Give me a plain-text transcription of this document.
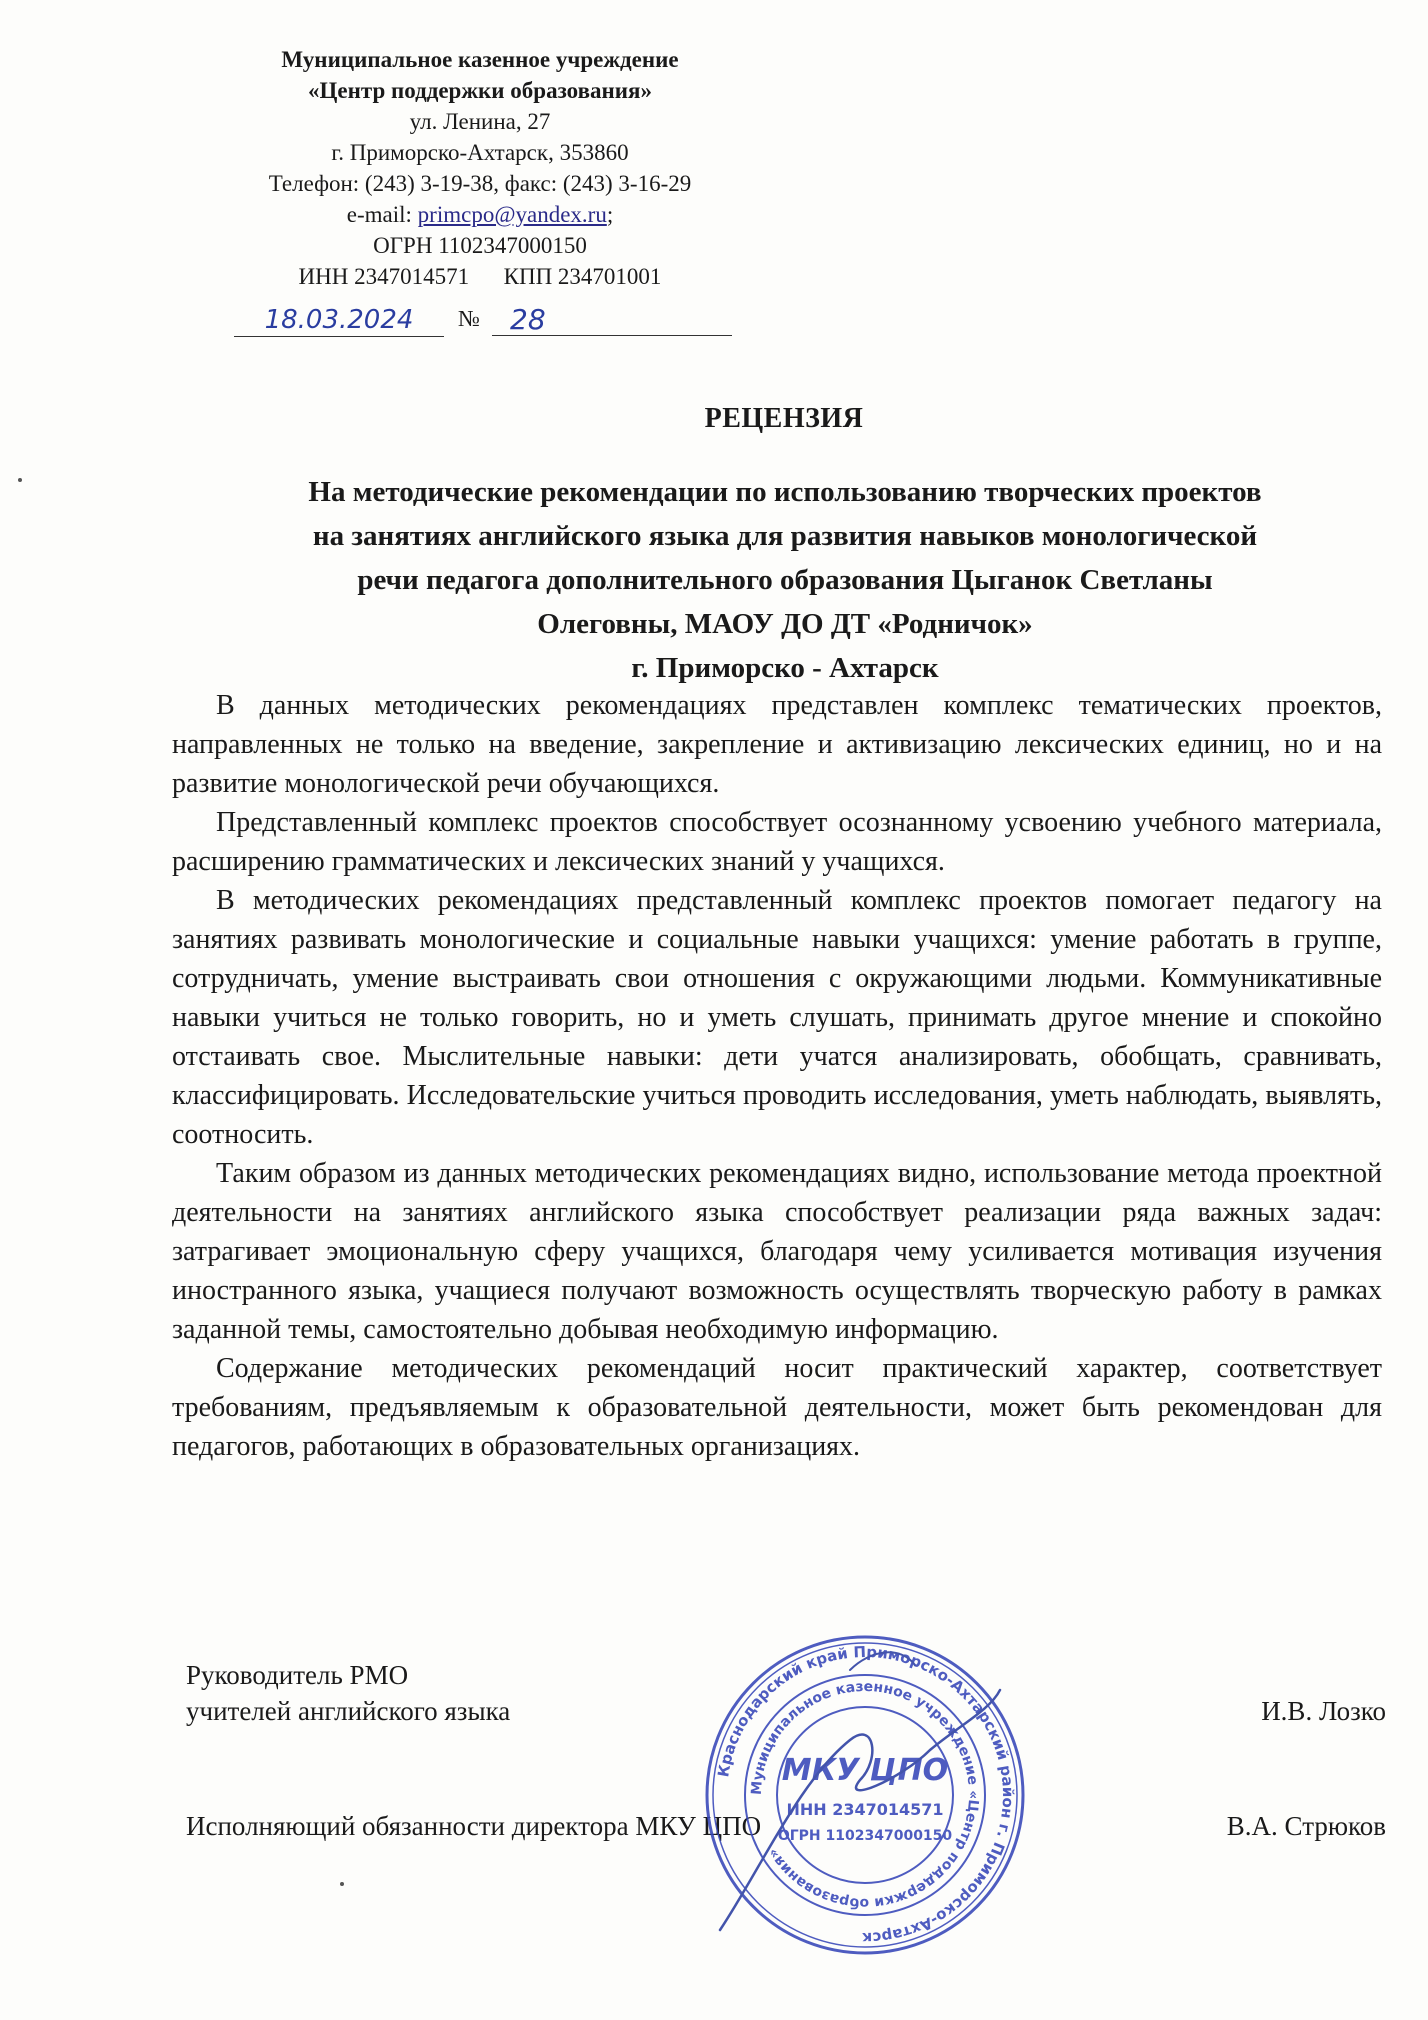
Муниципальное казенное учреждение
«Центр поддержки образования»
ул. Ленина, 27
г. Приморско-Ахтарск, 353860
Телефон: (243) 3-19-38, факс: (243) 3-16-29
e-mail: primcpo@yandex.ru;
ОГРН 1102347000150
ИНН 2347014571      КПП 234701001
18.03.2024	№	28
РЕЦЕНЗИЯ
На методические рекомендации по использованию творческих проектов
на занятиях английского языка для развития навыков монологической
речи педагога дополнительного образования Цыганок Светланы
Олеговны, МАОУ ДО ДТ «Родничок»
г. Приморско - Ахтарск

В данных методических рекомендациях представлен комплекс тематических проектов, направленных не только на введение, закрепление и активизацию лексических единиц, но и на развитие монологической речи обучающихся.

Представленный комплекс проектов способствует осознанному усвоению учебного материала, расширению грамматических и лексических знаний у учащихся.

В методических рекомендациях представленный комплекс проектов помогает педагогу на занятиях развивать монологические и социальные навыки учащихся: умение работать в группе, сотрудничать, умение выстраивать свои отношения с окружающими людьми. Коммуникативные навыки учиться не только говорить, но и уметь слушать, принимать другое мнение и спокойно отстаивать свое. Мыслительные навыки: дети учатся анализировать, обобщать, сравнивать, классифицировать. Исследовательские учиться проводить исследования, уметь наблюдать, выявлять, соотносить.

Таким образом из данных методических рекомендациях видно, использование метода проектной деятельности на занятиях английского языка способствует реализации ряда важных задач: затрагивает эмоциональную сферу учащихся, благодаря чему усиливается мотивация изучения иностранного языка, учащиеся получают возможность осуществлять творческую работу в рамках заданной темы, самостоятельно добывая необходимую информацию.

Содержание методических рекомендаций носит практический характер, соответствует требованиям, предъявляемым к образовательной деятельности, может быть рекомендован для педагогов, работающих в образовательных организациях.

Руководитель РМО
учителей английского языка	И.В. Лозко
Исполняющий обязанности директора МКУ ЦПО	В.А. Стрюков
Краснодарский край Приморско-Ахтарский район г. Приморско-Ахтарск
Муниципальное казенное учреждение «Центр поддержки образования»
МКУ ЦПО
ИНН 2347014571
ОГРН 1102347000150
